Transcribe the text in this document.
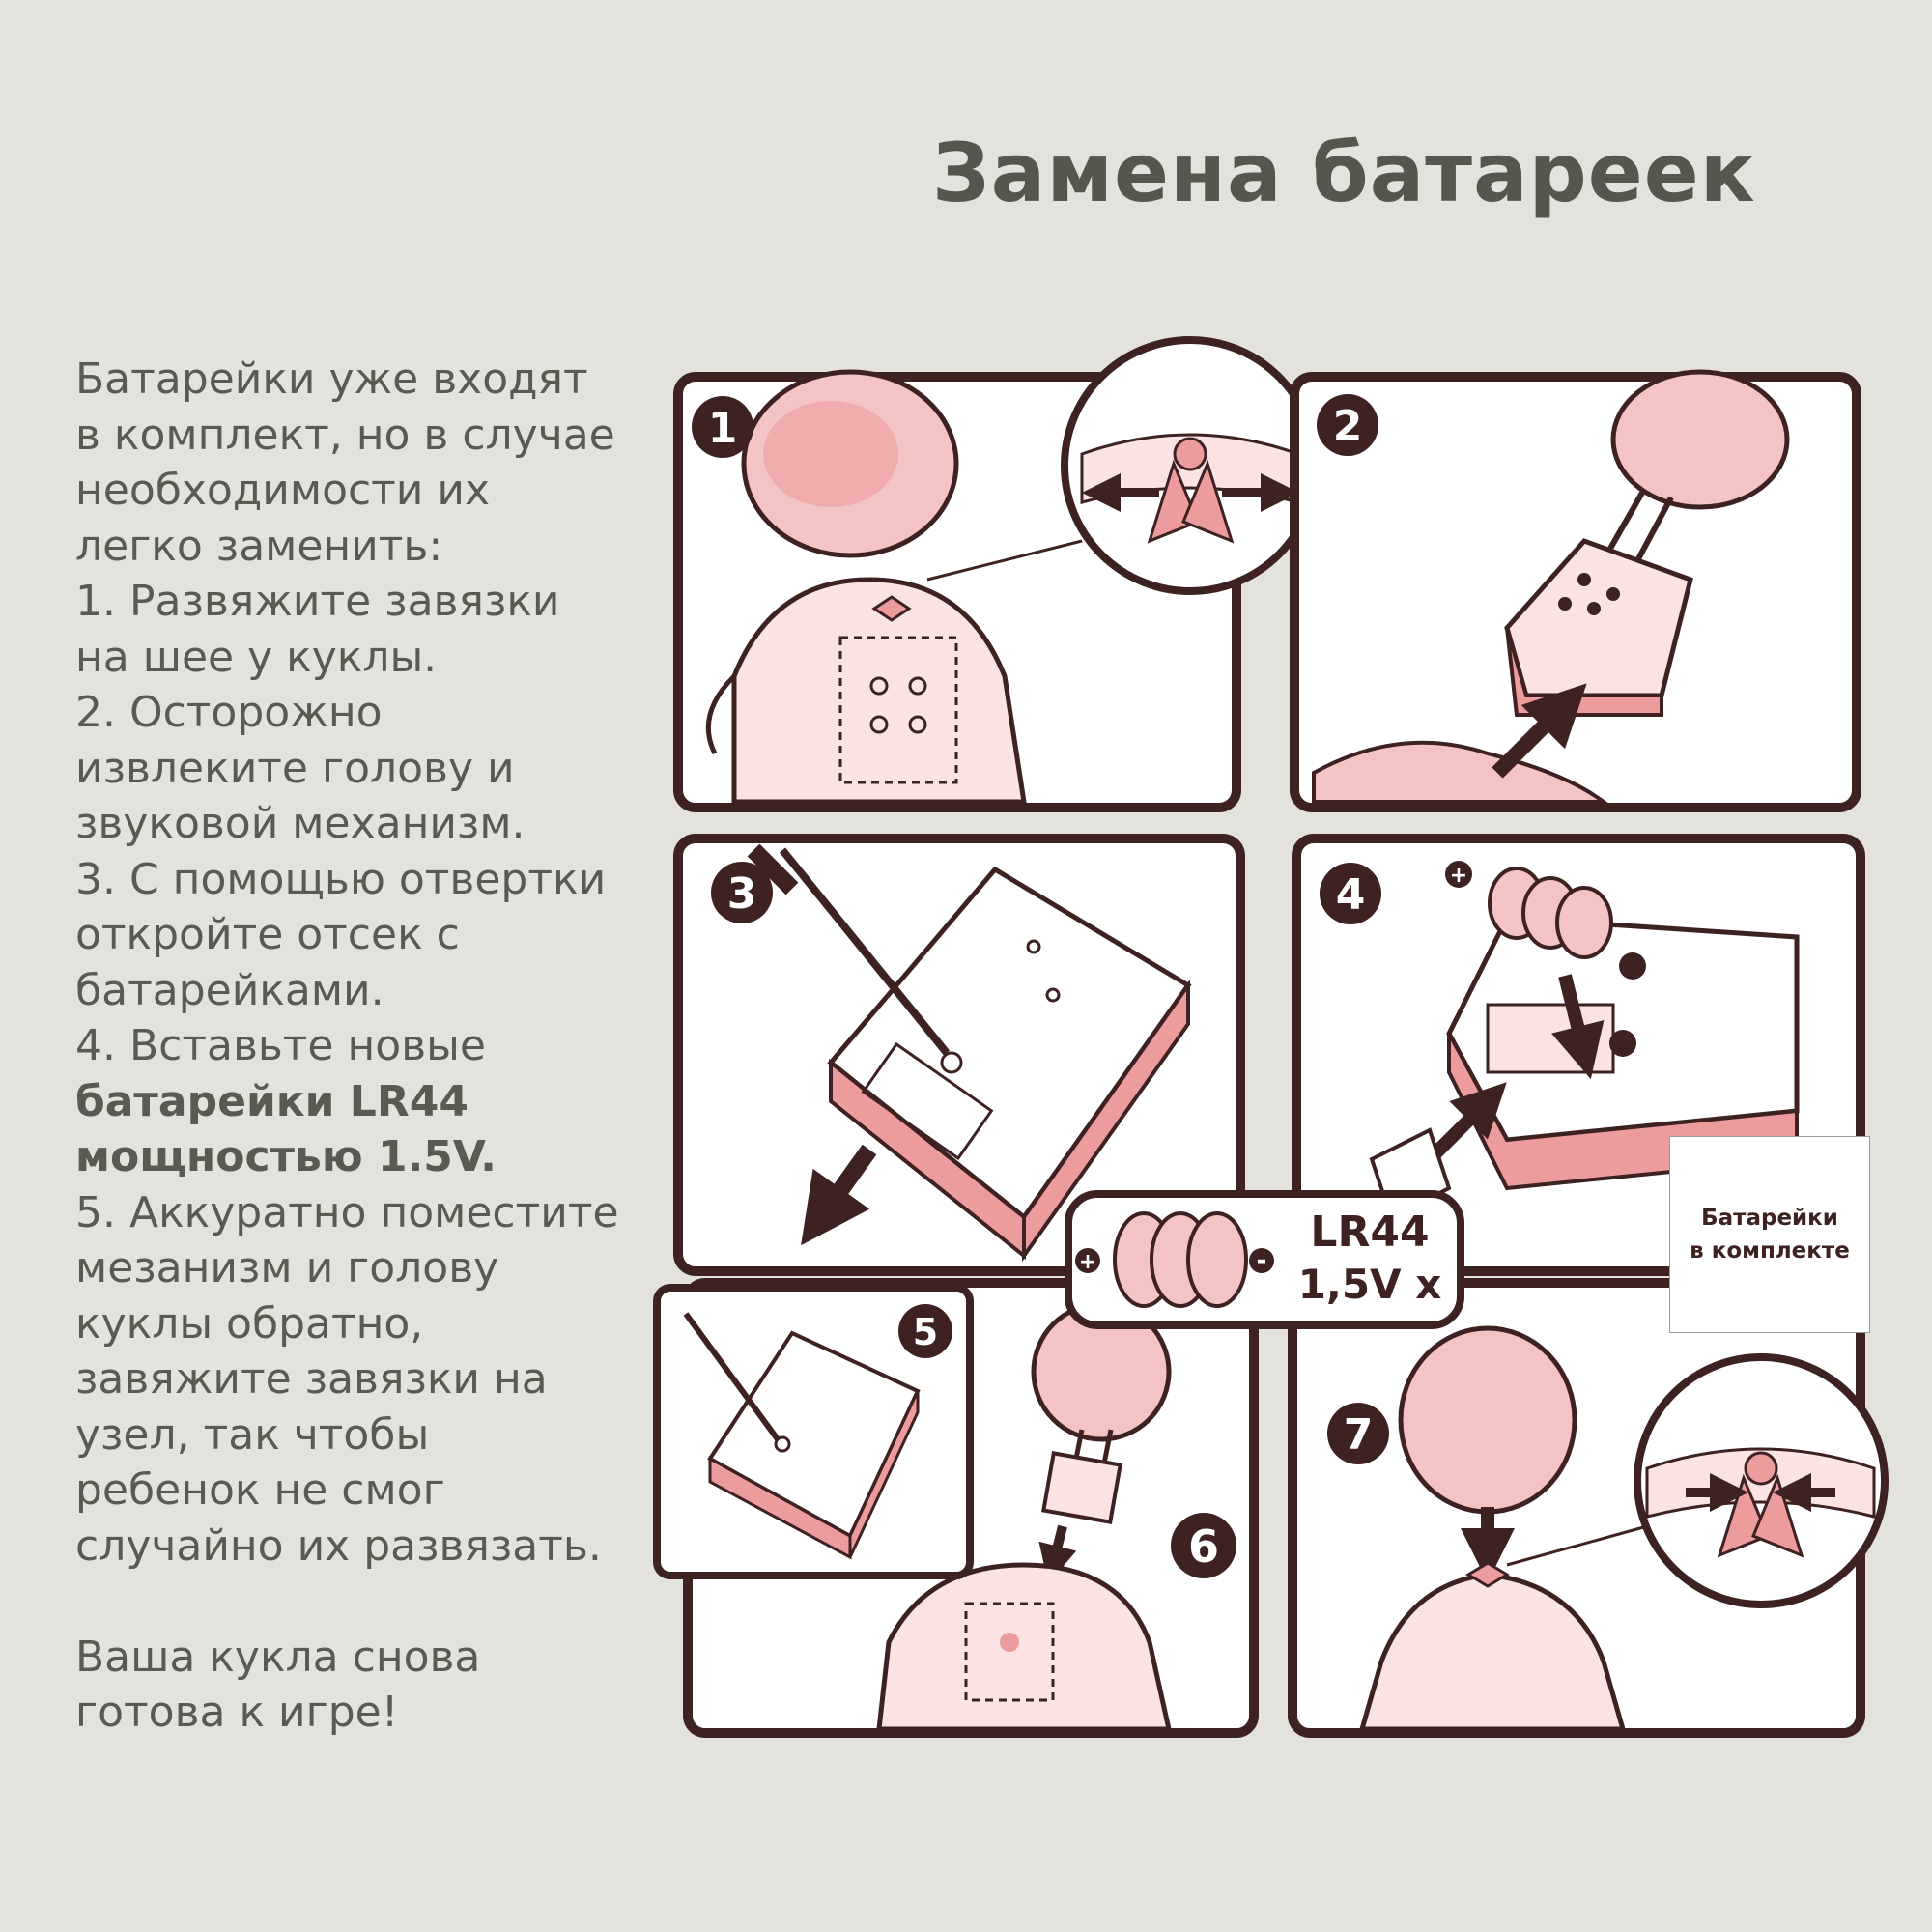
Замена батареек
Батарейки уже входят
в комплект, но в случае
необходимости их
легко заменить:
1. Развяжите завязки
на шее у куклы.
2. Осторожно
извлеките голову и
звуковой механизм.
3. С помощью отвертки
откройте отсек с
батарейками.
4. Вставьте новые
батарейки LR44
мощностью 1.5V.
5. Аккуратно поместите
мезанизм и голову
куклы обратно,
завяжите завязки на
узел, так чтобы
ребенок не смог
случайно их развязать.
Ваша кукла снова
готова к игре!
1	2
3	+
4
6
5
7
+	-
LR44
1,5V x
Батарейки
в комплекте
